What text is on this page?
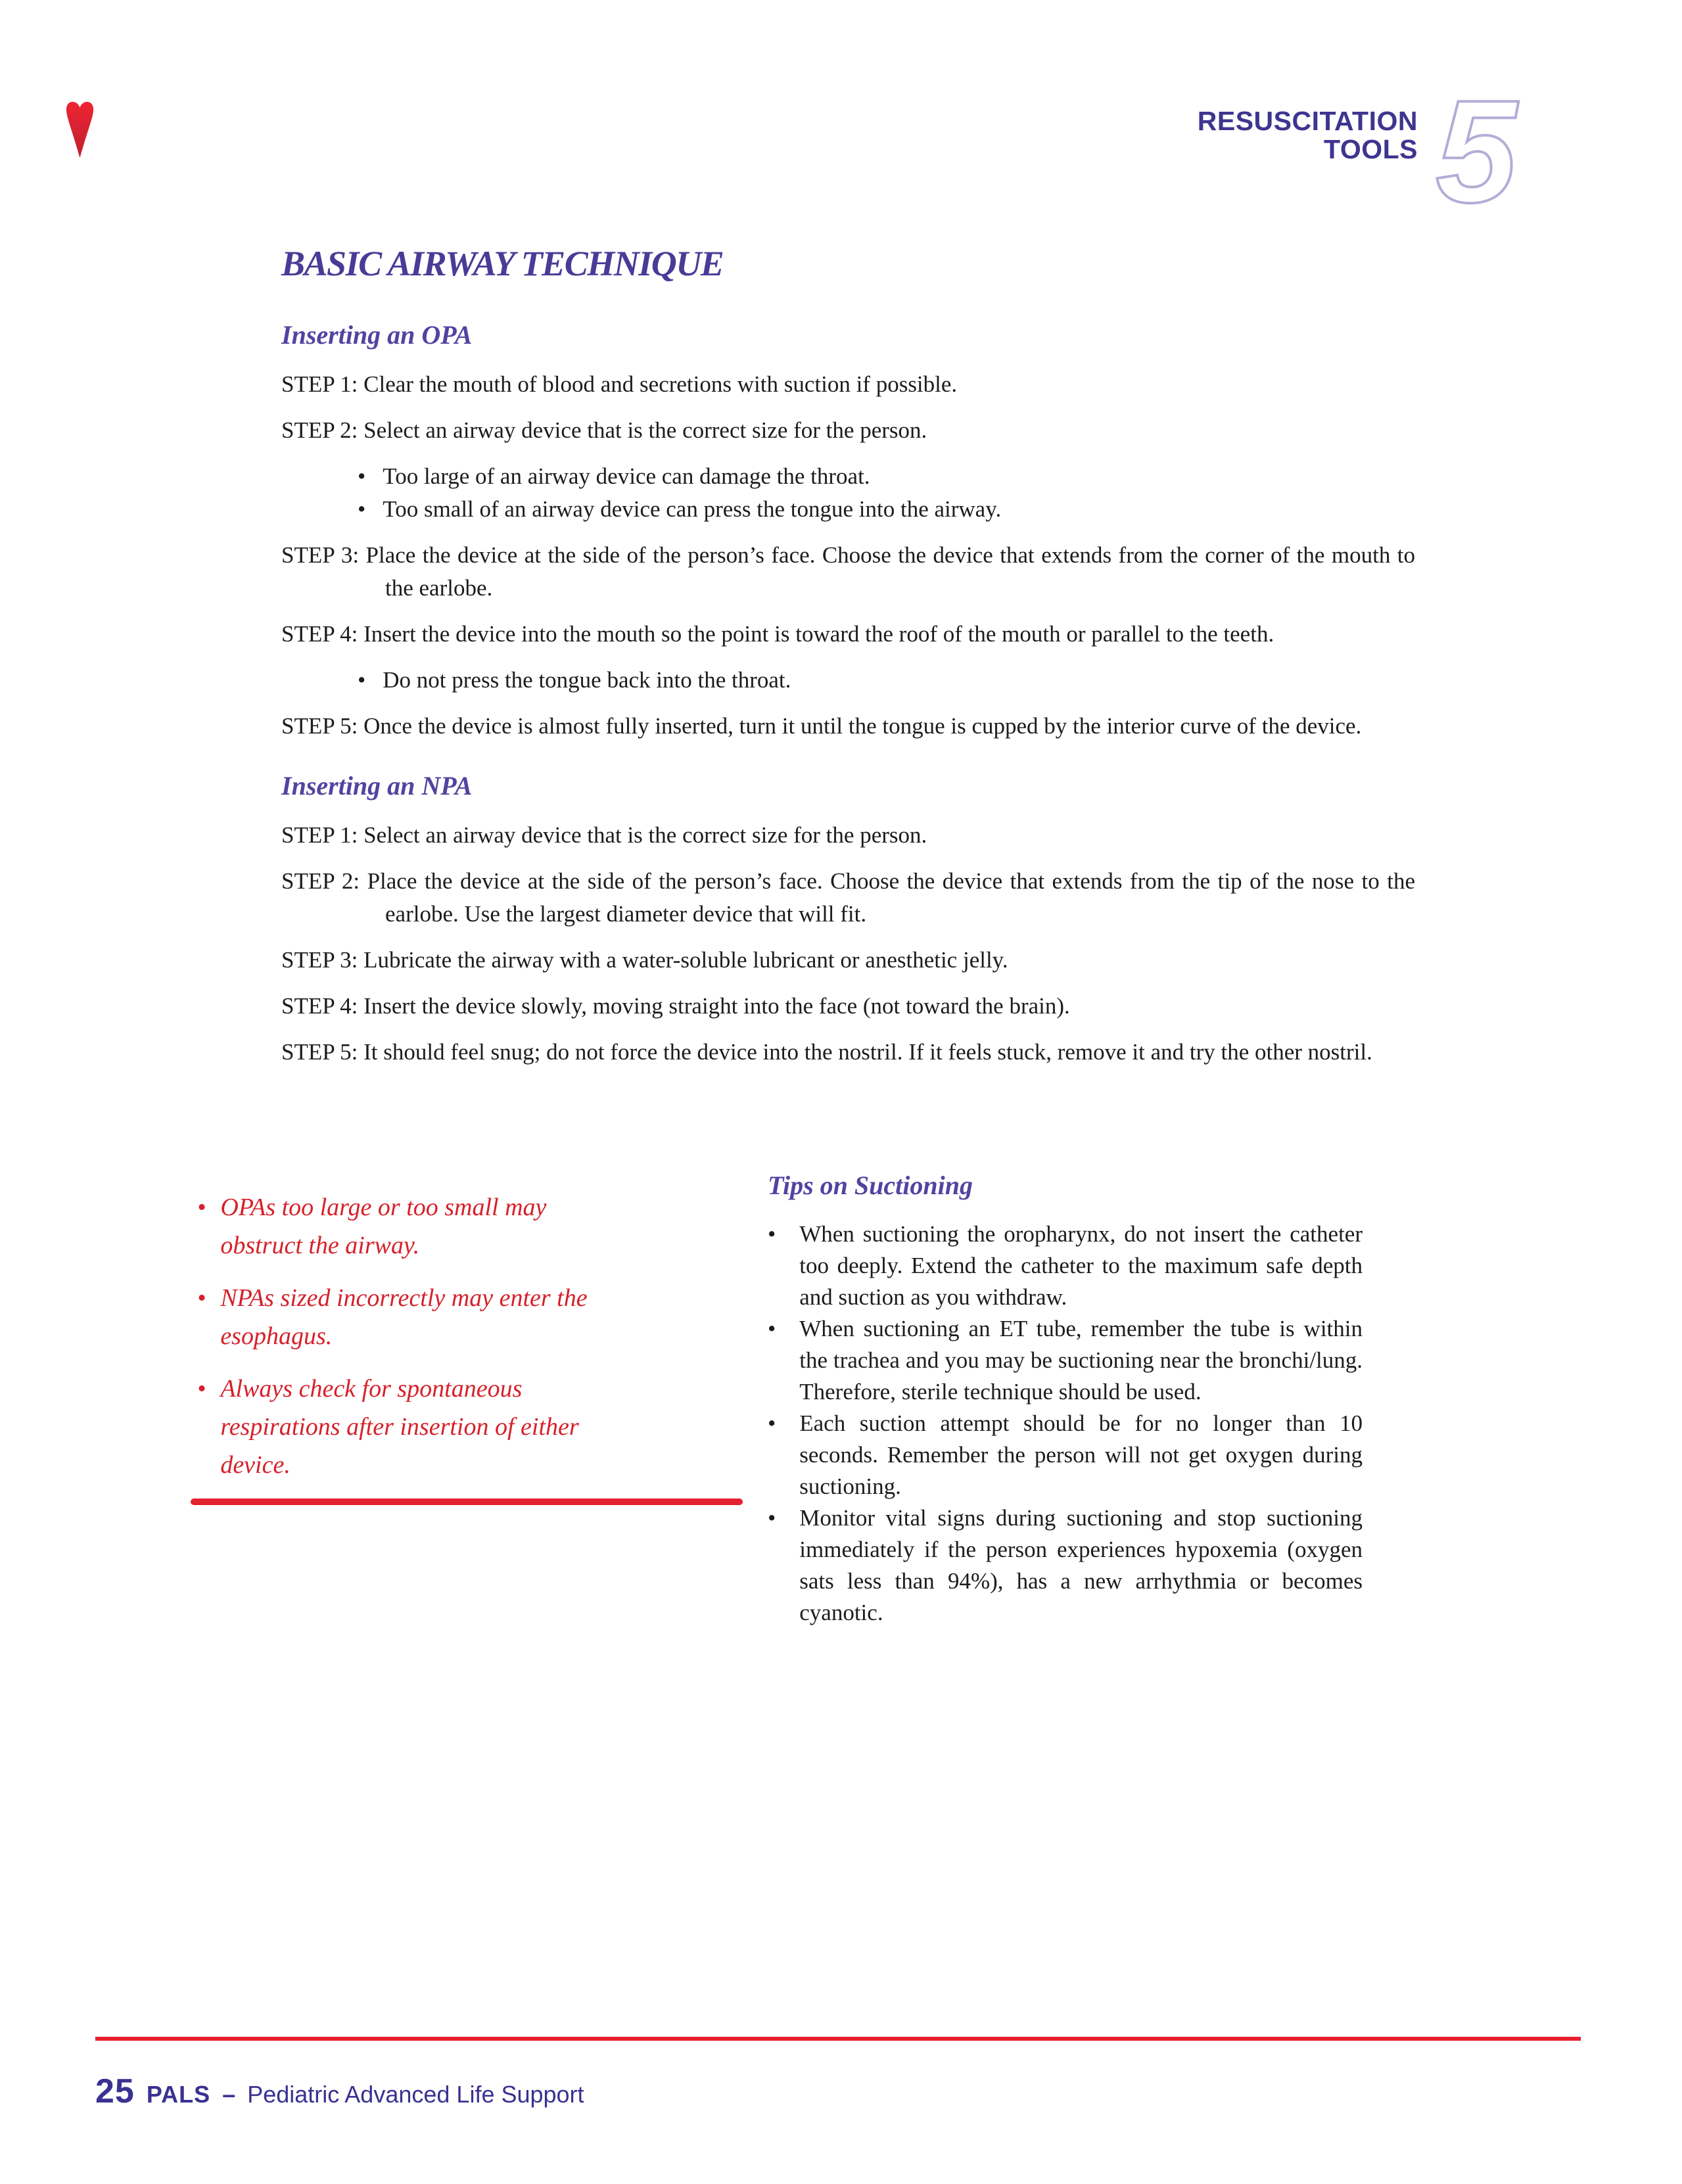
RESUSCITATION
TOOLS 5
BASIC AIRWAY TECHNIQUE
Inserting an OPA
STEP 1: Clear the mouth of blood and secretions with suction if possible.
STEP 2: Select an airway device that is the correct size for the person.
• Too large of an airway device can damage the throat.
• Too small of an airway device can press the tongue into the airway.
STEP 3: Place the device at the side of the person’s face. Choose the device that extends from the corner of the mouth to the earlobe.
STEP 4: Insert the device into the mouth so the point is toward the roof of the mouth or parallel to the teeth.
• Do not press the tongue back into the throat.
STEP 5: Once the device is almost fully inserted, turn it until the tongue is cupped by the interior curve of the device.
Inserting an NPA
STEP 1: Select an airway device that is the correct size for the person.
STEP 2: Place the device at the side of the person’s face. Choose the device that extends from the tip of the nose to the earlobe. Use the largest diameter device that will fit.
STEP 3: Lubricate the airway with a water-soluble lubricant or anesthetic jelly.
STEP 4: Insert the device slowly, moving straight into the face (not toward the brain).
STEP 5: It should feel snug; do not force the device into the nostril. If it feels stuck, remove it and try the other nostril.
• OPAs too large or too small may obstruct the airway.
• NPAs sized incorrectly may enter the esophagus.
• Always check for spontaneous respirations after insertion of either device.
Tips on Suctioning
• When suctioning the oropharynx, do not insert the catheter too deeply. Extend the catheter to the maximum safe depth and suction as you withdraw.
• When suctioning an ET tube, remember the tube is within the trachea and you may be suctioning near the bronchi/lung. Therefore, sterile technique should be used.
• Each suction attempt should be for no longer than 10 seconds. Remember the person will not get oxygen during suctioning.
• Monitor vital signs during suctioning and stop suctioning immediately if the person experiences hypoxemia (oxygen sats less than 94%), has a new arrhythmia or becomes cyanotic.
25 PALS – Pediatric Advanced Life Support
